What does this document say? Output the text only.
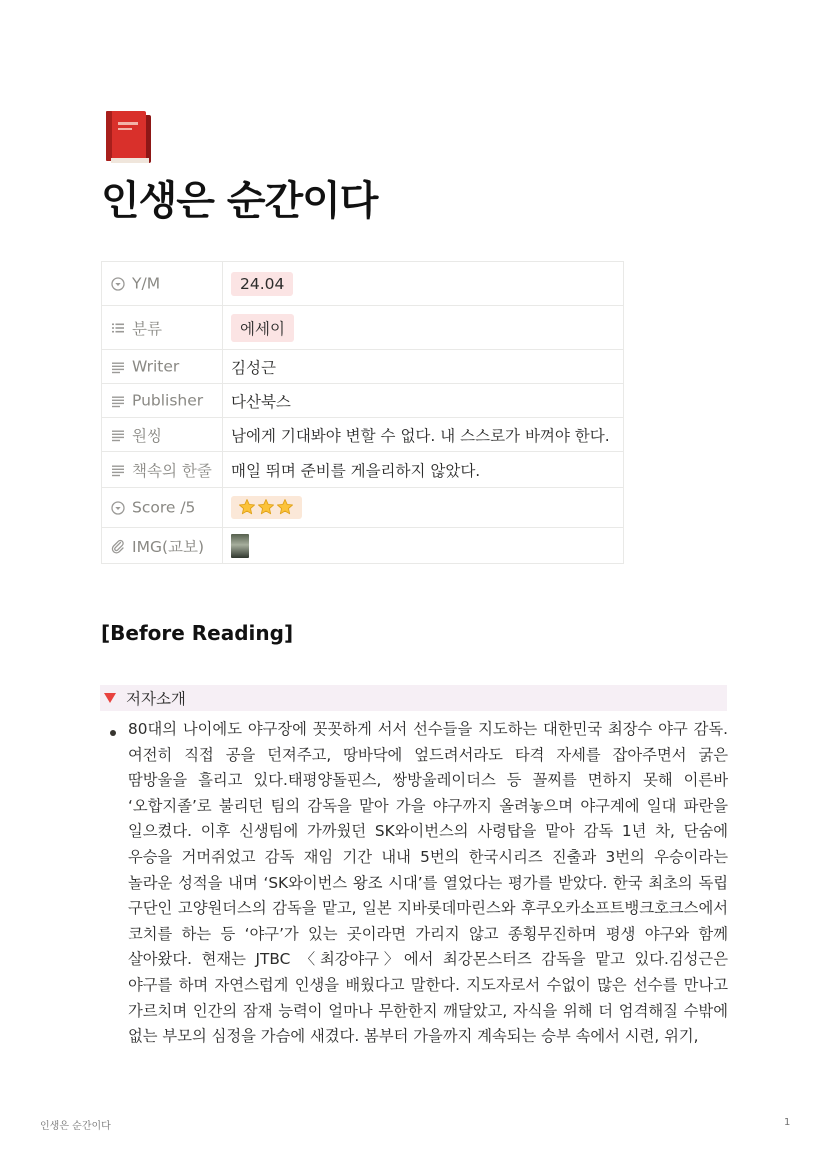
인생은 순간이다
Y/M	24.04
분류	에세이
Writer	김성근
Publisher	다산북스
원씽	남에게 기대봐야 변할 수 없다. 내 스스로가 바껴야 한다.
책속의 한줄	매일 뛰며 준비를 게을리하지 않았다.
Score /5	
IMG(교보)	
[Before Reading]
저자소개

80대의 나이에도 야구장에 꼿꼿하게 서서 선수들을 지도하는 대한민국 최장수 야구 감독. 여전히 직접 공을 던져주고, 땅바닥에 엎드려서라도 타격 자세를 잡아주면서 굵은 땀방울을 흘리고 있다.태평양돌핀스, 쌍방울레이더스 등 꼴찌를 면하지 못해 이른바 ‘오합지졸’로 불리던 팀의 감독을 맡아 가을 야구까지 올려놓으며 야구계에 일대 파란을 일으켰다. 이후 신생팀에 가까웠던 SK와이번스의 사령탑을 맡아 감독 1년 차, 단숨에 우승을 거머쥐었고 감독 재임 기간 내내 5번의 한국시리즈 진출과 3번의 우승이라는 놀라운 성적을 내며 ‘SK와이번스 왕조 시대’를 열었다는 평가를 받았다. 한국 최초의 독립 구단인 고양원더스의 감독을 맡고, 일본 지바롯데마린스와 후쿠오카소프트뱅크호크스에서 코치를 하는 등 ‘야구’가 있는 곳이라면 가리지 않고 종횡무진하며 평생 야구와 함께 살아왔다. 현재는 JTBC 〈최강야구〉에서 최강몬스터즈 감독을 맡고 있다.김성근은 야구를 하며 자연스럽게 인생을 배웠다고 말한다. 지도자로서 수없이 많은 선수를 만나고 가르치며 인간의 잠재 능력이 얼마나 무한한지 깨달았고, 자식을 위해 더 엄격해질 수밖에 없는 부모의 심정을 가슴에 새겼다. 봄부터 가을까지 계속되는 승부 속에서 시련, 위기,

인생은 순간이다	1
